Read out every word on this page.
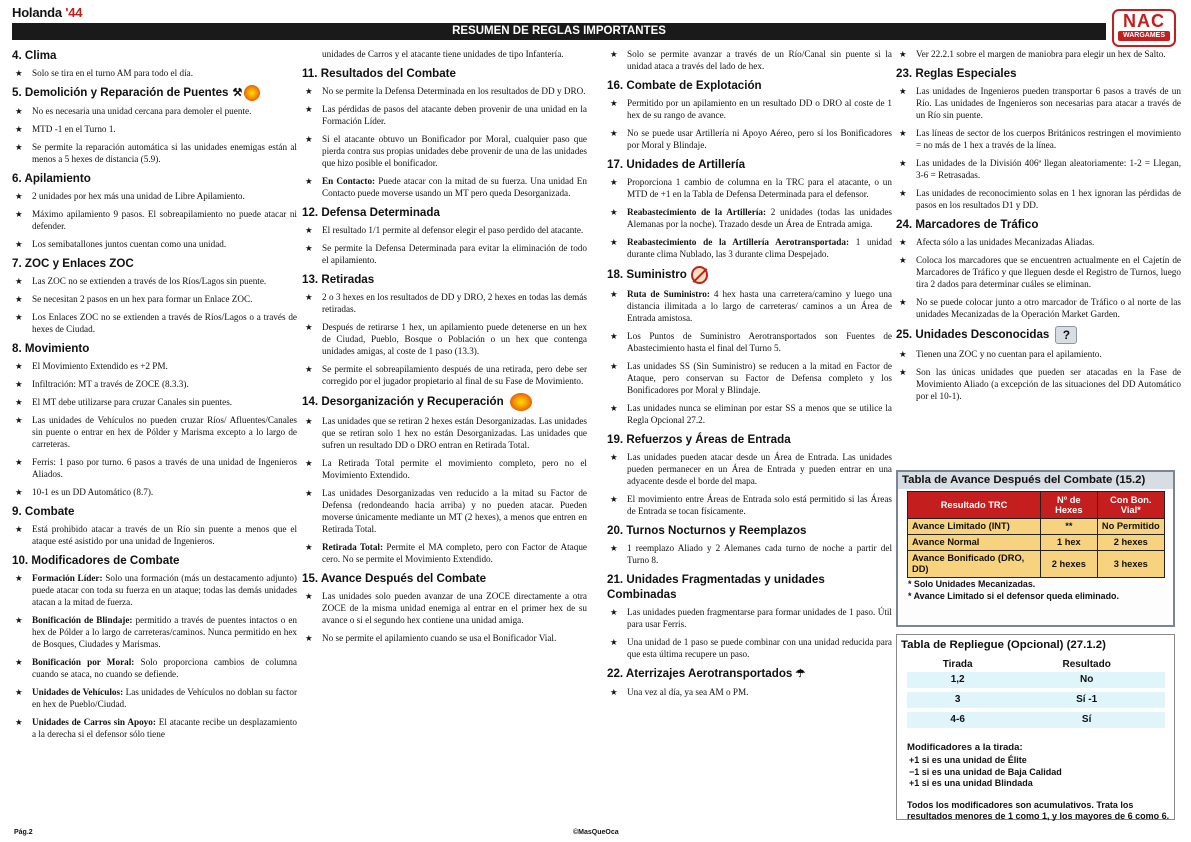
Holanda '44
RESUMEN DE REGLAS IMPORTANTES	NAC
WARGAMES
4. Clima
★ Solo se tira en el turno AM para todo el día.
5. Demolición y Reparación de Puentes ⚒
★ No es necesaria una unidad cercana para demoler el puente.
★ MTD -1 en el Turno 1.
★ Se permite la reparación automática si las unidades enemigas están al menos a 5 hexes de distancia (5.9).
6. Apilamiento
★ 2 unidades por hex más una unidad de Libre Apilamiento.
★ Máximo apilamiento 9 pasos. El sobreapilamiento no puede atacar ni defender.
★ Los semibatallones juntos cuentan como una unidad.
7. ZOC y Enlaces ZOC
★ Las ZOC no se extienden a través de los Ríos/Lagos sin puente.
★ Se necesitan 2 pasos en un hex para formar un Enlace ZOC.
★ Los Enlaces ZOC no se extienden a través de Ríos/Lagos o a través de hexes de Ciudad.
8. Movimiento
★ El Movimiento Extendido es +2 PM.
★ Infiltración: MT a través de ZOCE (8.3.3).
★ El MT debe utilizarse para cruzar Canales sin puentes.
★ Las unidades de Vehículos no pueden cruzar Ríos/ Afluentes/Canales sin puente o entrar en hex de Pólder y Marisma excepto a lo largo de carreteras.
★ Ferris: 1 paso por turno. 6 pasos a través de una unidad de Ingenieros Aliados.
★ 10-1 es un DD Automático (8.7).
9. Combate
★ Está prohibido atacar a través de un Río sin puente a menos que el ataque esté asistido por una unidad de Ingenieros.
10. Modificadores de Combate
★ Formación Líder: Solo una formación (más un destacamento adjunto) puede atacar con toda su fuerza en un ataque; todas las demás unidades atacan a la mitad de fuerza.
★ Bonificación de Blindaje: permitido a través de puentes intactos o en hex de Pólder a lo largo de carreteras/caminos. Nunca permitido en hex de Bosques, Ciudades y Marismas.
★ Bonificación por Moral: Solo proporciona cambios de columna cuando se ataca, no cuando se defiende.
★ Unidades de Vehículos: Las unidades de Vehículos no doblan su factor en hex de Pueblo/Ciudad.
★ Unidades de Carros sin Apoyo: El atacante recibe un desplazamiento a la derecha si el defensor sólo tiene
unidades de Carros y el atacante tiene unidades de tipo Infantería.
11. Resultados del Combate
★ No se permite la Defensa Determinada en los resultados de DD y DRO.
★ Las pérdidas de pasos del atacante deben provenir de una unidad en la Formación Líder.
★ Si el atacante obtuvo un Bonificador por Moral, cualquier paso que pierda contra sus propias unidades debe provenir de una de las unidades que hizo posible el bonificador.
★ En Contacto: Puede atacar con la mitad de su fuerza. Una unidad En Contacto puede moverse usando un MT pero queda Desorganizada.
12. Defensa Determinada
★ El resultado 1/1 permite al defensor elegir el paso perdido del atacante.
★ Se permite la Defensa Determinada para evitar la eliminación de todo el apilamiento.
13. Retiradas
★ 2 o 3 hexes en los resultados de DD y DRO, 2 hexes en todas las demás retiradas.
★ Después de retirarse 1 hex, un apilamiento puede detenerse en un hex de Ciudad, Pueblo, Bosque o Población o un hex que contenga unidades amigas, al coste de 1 paso (13.3).
★ Se permite el sobreapilamiento después de una retirada, pero debe ser corregido por el jugador propietario al final de su Fase de Movimiento.
14. Desorganización y Recuperación
★ Las unidades que se retiran 2 hexes están Desorganizadas. Las unidades que se retiran solo 1 hex no están Desorganizadas. Las unidades que sufren un resultado DD o DRO entran en Retirada Total.
★ La Retirada Total permite el movimiento completo, pero no el Movimiento Extendido.
★ Las unidades Desorganizadas ven reducido a la mitad su Factor de Defensa (redondeando hacia arriba) y no pueden atacar. Pueden moverse únicamente mediante un MT (2 hexes), a menos que entren en Retirada Total.
★ Retirada Total: Permite el MA completo, pero con Factor de Ataque cero. No se permite el Movimiento Extendido.
15. Avance Después del Combate
★ Las unidades solo pueden avanzar de una ZOCE directamente a otra ZOCE de la misma unidad enemiga al entrar en el primer hex de su avance o si el segundo hex contiene una unidad amiga.
★ No se permite el apilamiento cuando se usa el Bonificador Vial.
★ Solo se permite avanzar a través de un Río/Canal sin puente si la unidad ataca a través del lado de hex.
16. Combate de Explotación
★ Permitido por un apilamiento en un resultado DD o DRO al coste de 1 hex de su rango de avance.
★ No se puede usar Artillería ni Apoyo Aéreo, pero sí los Bonificadores por Moral y Blindaje.
17. Unidades de Artillería
★ Proporciona 1 cambio de columna en la TRC para el atacante, o un MTD de +1 en la Tabla de Defensa Determinada para el defensor.
★ Reabastecimiento de la Artillería: 2 unidades (todas las unidades Alemanas por la noche). Trazado desde un Área de Entrada amiga.
★ Reabastecimiento de la Artillería Aerotransportada: 1 unidad durante clima Nublado, las 3 durante clima Despejado.
18. Suministro
★ Ruta de Suministro: 4 hex hasta una carretera/camino y luego una distancia ilimitada a lo largo de carreteras/ caminos a un Área de Entrada amistosa.
★ Los Puntos de Suministro Aerotransportados son Fuentes de Abastecimiento hasta el final del Turno 5.
★ Las unidades SS (Sin Suministro) se reducen a la mitad en Factor de Ataque, pero conservan su Factor de Defensa completo y los Bonificadores por Moral y Blindaje.
★ Las unidades nunca se eliminan por estar SS a menos que se utilice la Regla Opcional 27.2.
19. Refuerzos y Áreas de Entrada
★ Las unidades pueden atacar desde un Área de Entrada. Las unidades pueden permanecer en un Área de Entrada y pueden entrar en una adyacente desde el borde del mapa.
★ El movimiento entre Áreas de Entrada solo está permitido si las Áreas de Entrada se tocan físicamente.
20. Turnos Nocturnos y Reemplazos
★ 1 reemplazo Aliado y 2 Alemanes cada turno de noche a partir del Turno 8.
21. Unidades Fragmentadas y unidades Combinadas
★ Las unidades pueden fragmentarse para formar unidades de 1 paso. Útil para usar Ferris.
★ Una unidad de 1 paso se puede combinar con una unidad reducida para que esta última recupere un paso.
22. Aterrizajes Aerotransportados ☂
★ Una vez al día, ya sea AM o PM.
★ Ver 22.2.1 sobre el margen de maniobra para elegir un hex de Salto.
23. Reglas Especiales
★ Las unidades de Ingenieros pueden transportar 6 pasos a través de un Río. Las unidades de Ingenieros son necesarias para atacar a través de un Río sin puente.
★ Las líneas de sector de los cuerpos Británicos restringen el movimiento = no más de 1 hex a través de la línea.
★ Las unidades de la División 406ª llegan aleatoriamente: 1-2 = Llegan, 3-6 = Retrasadas.
★ Las unidades de reconocimiento solas en 1 hex ignoran las pérdidas de pasos en los resultados D1 y DD.
24. Marcadores de Tráfico
★ Afecta sólo a las unidades Mecanizadas Aliadas.
★ Coloca los marcadores que se encuentren actualmente en el Cajetín de Marcadores de Tráfico y que lleguen desde el Registro de Turnos, luego tira 2 dados para determinar cuáles se eliminan.
★ No se puede colocar junto a otro marcador de Tráfico o al norte de las unidades Mecanizadas de la Operación Market Garden.
25. Unidades Desconocidas ?
★ Tienen una ZOC y no cuentan para el apilamiento.
★ Son las únicas unidades que pueden ser atacadas en la Fase de Movimiento Aliado (a excepción de las situaciones del DD Automático por el 10-1).
Tabla de Avance Después del Combate (15.2)
Resultado TRC	Nº de Hexes	Con Bon. Vial*
Avance Limitado (INT)	**	No Permitido
Avance Normal	1 hex	2 hexes
Avance Bonificado (DRO, DD)	2 hexes	3 hexes
* Solo Unidades Mecanizadas.
* Avance Limitado si el defensor queda eliminado.
Tabla de Repliegue (Opcional) (27.1.2)
Tirada	Resultado
1,2	No
3	Sí -1
4-6	Sí
Modificadores a la tirada:
+1 si es una unidad de Élite
−1 si es una unidad de Baja Calidad
+1 si es una unidad Blindada
Todos los modificadores son acumulativos. Trata los resultados menores de 1 como 1, y los mayores de 6 como 6.
Pág.2	©MasQueOca
